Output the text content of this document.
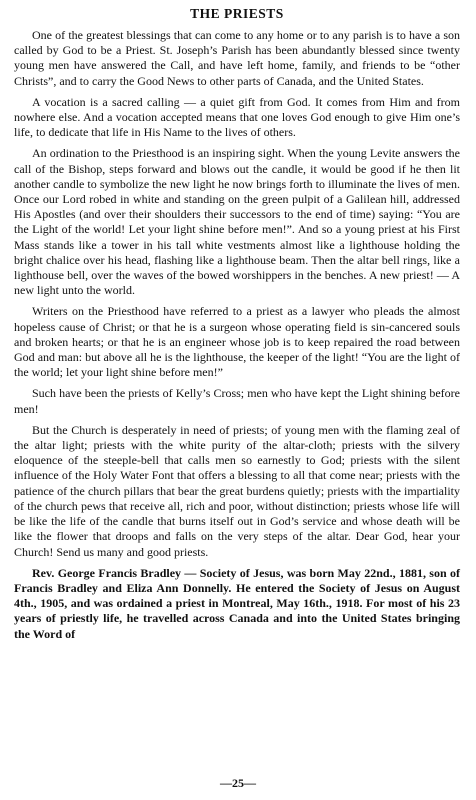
THE PRIESTS

One of the greatest blessings that can come to any home or to any parish is to have a son called by God to be a Priest. St. Joseph’s Parish has been abundantly blessed since twenty young men have answered the Call, and have left home, family, and friends to be “other Christs”, and to carry the Good News to other parts of Canada, and the United States.

A vocation is a sacred calling — a quiet gift from God. It comes from Him and from nowhere else. And a vocation accepted means that one loves God enough to give Him one’s life, to dedicate that life in His Name to the lives of others.

An ordination to the Priesthood is an inspiring sight. When the young Levite answers the call of the Bishop, steps forward and blows out the candle, it would be good if he then lit another candle to symbolize the new light he now brings forth to illuminate the lives of men. Once our Lord robed in white and standing on the green pulpit of a Galilean hill, addressed His Apostles (and over their shoulders their successors to the end of time) saying: “You are the Light of the world! Let your light shine before men!”. And so a young priest at his First Mass stands like a tower in his tall white vestments almost like a lighthouse holding the bright chalice over his head, flashing like a lighthouse beam. Then the altar bell rings, like a lighthouse bell, over the waves of the bowed worshippers in the benches. A new priest! — A new light unto the world.

Writers on the Priesthood have referred to a priest as a lawyer who pleads the almost hopeless cause of Christ; or that he is a surgeon whose operating field is sin-cancered souls and broken hearts; or that he is an engineer whose job is to keep repaired the road between God and man: but above all he is the lighthouse, the keeper of the light! “You are the light of the world; let your light shine before men!”

Such have been the priests of Kelly’s Cross; men who have kept the Light shining before men!

But the Church is desperately in need of priests; of young men with the flaming zeal of the altar light; priests with the white purity of the altar-cloth; priests with the silvery eloquence of the steeple-bell that calls men so earnestly to God; priests with the silent influence of the Holy Water Font that offers a blessing to all that come near; priests with the patience of the church pillars that bear the great burdens quietly; priests with the impartiality of the church pews that receive all, rich and poor, without distinction; priests whose life will be like the life of the candle that burns itself out in God’s service and whose death will be like the flower that droops and falls on the very steps of the altar. Dear God, hear your Church! Send us many and good priests.

Rev. George Francis Bradley — Society of Jesus, was born May 22nd., 1881, son of Francis Bradley and Eliza Ann Donnelly. He entered the Society of Jesus on August 4th., 1905, and was ordained a priest in Montreal, May 16th., 1918. For most of his 23 years of priestly life, he travelled across Canada and into the United States bringing the Word of

—25—
